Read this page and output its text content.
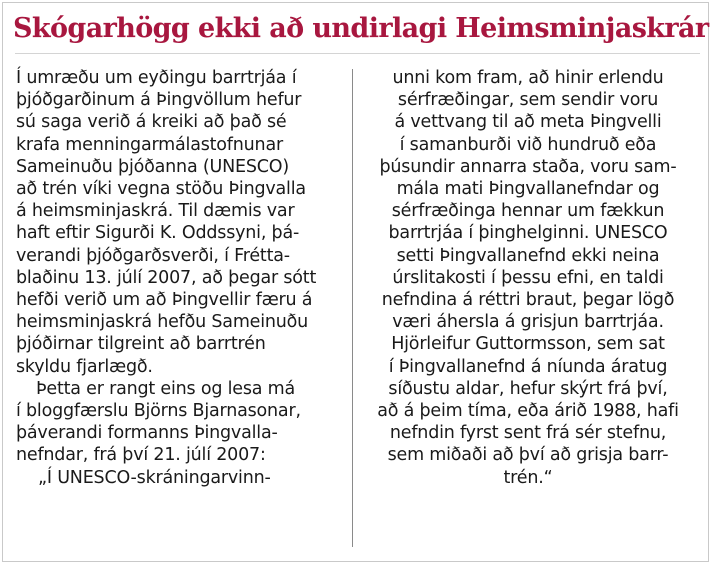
Skógarhögg ekki að undirlagi Heimsminjaskrár
Í umræðu um eyðingu barrtrjáa í
þjóðgarðinum á Þingvöllum hefur
sú saga verið á kreiki að það sé
krafa menningarmálastofnunar
Sameinuðu þjóðanna (UNESCO)
að trén víki vegna stöðu Þingvalla
á heimsminjaskrá. Til dæmis var
haft eftir Sigurði K. Oddssyni, þá-
verandi þjóðgarðsverði, í Frétta-
blaðinu 13. júlí 2007, að þegar sótt
hefði verið um að Þingvellir færu á
heimsminjaskrá hefðu Sameinuðu
þjóðirnar tilgreint að barrtrén
skyldu fjarlægð.
Þetta er rangt eins og lesa má
í bloggfærslu Björns Bjarnasonar,
þáverandi formanns Þingvalla-
nefndar, frá því 21. júlí 2007:
„Í UNESCO-skráningarvinn-
unni kom fram, að hinir erlendu
sérfræðingar, sem sendir voru
á vettvang til að meta Þingvelli
í samanburði við hundruð eða
þúsundir annarra staða, voru sam-
mála mati Þingvallanefndar og
sérfræðinga hennar um fækkun
barrtrjáa í þinghelginni. UNESCO
setti Þingvallanefnd ekki neina
úrslitakosti í þessu efni, en taldi
nefndina á réttri braut, þegar lögð
væri áhersla á grisjun barrtrjáa.
Hjörleifur Guttormsson, sem sat
í Þingvallanefnd á níunda áratug
síðustu aldar, hefur skýrt frá því,
að á þeim tíma, eða árið 1988, hafi
nefndin fyrst sent frá sér stefnu,
sem miðaði að því að grisja barr-
trén.“
